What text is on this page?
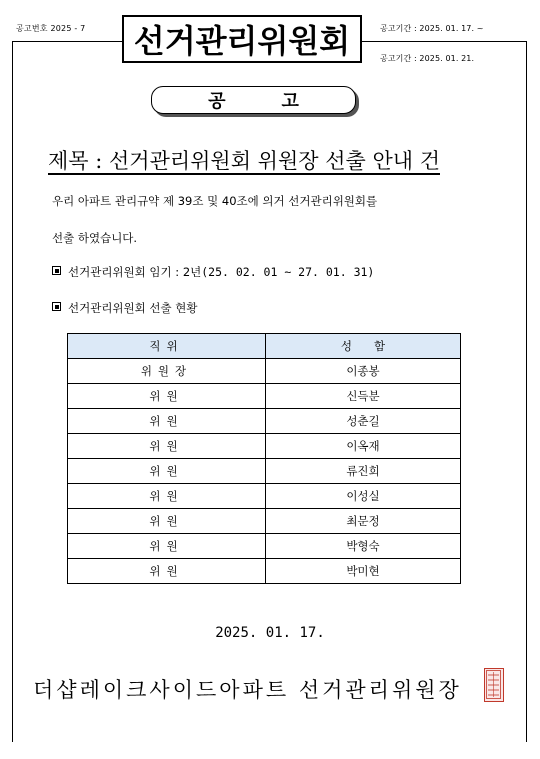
공고번호 2025 - 7	선거관리위원회	공고기간 : 2025. 01. 17. ~
공고기간 : 2025. 01. 21.
공고
제목 : 선거관리위원회 위원장 선출 안내 건
우리 아파트 관리규약 제 39조 및 40조에 의거 선거관리위원회를
선출 하였습니다.
선거관리위원회 임기 : 2년(25. 02. 01 ~ 27. 01. 31)
선거관리위원회 선출 현황
직위	성함
위원장	이종봉
위원	신득분
위원	성춘길
위원	이옥재
위원	류진희
위원	이성실
위원	최문정
위원	박형숙
위원	박미현
2025. 01. 17.
더샵레이크사이드아파트 선거관리위원장
